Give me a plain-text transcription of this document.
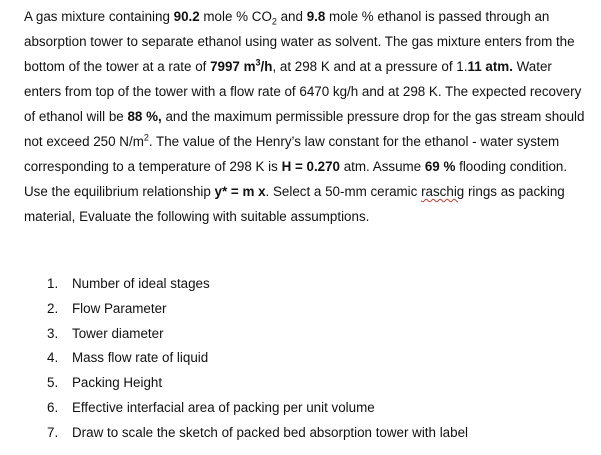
A gas mixture containing 90.2 mole % $CO_2$ and 9.8 mole % ethanol is passed through an absorption tower to separate ethanol using water as solvent. The gas mixture enters from the bottom of the tower at a rate of 7997 $m^3/h$, at 298 K and at a pressure of 1.11 atm. Water enters from top of the tower with a flow rate of 6470 kg/h and at 298 K. The expected recovery of ethanol will be 88 %, and the maximum permissible pressure drop for the gas stream should not exceed 250 $N/m^2$. The value of the Henry’s law constant for the ethanol - water system corresponding to a temperature of 298 K is H = 0.270 atm. Assume 69 % flooding condition. Use the equilibrium relationship y* = m x. Select a 50-mm ceramic raschig rings as packing material, Evaluate the following with suitable assumptions.

1. Number of ideal stages
2. Flow Parameter
3. Tower diameter
4. Mass flow rate of liquid
5. Packing Height
6. Effective interfacial area of packing per unit volume
7. Draw to scale the sketch of packed bed absorption tower with label
